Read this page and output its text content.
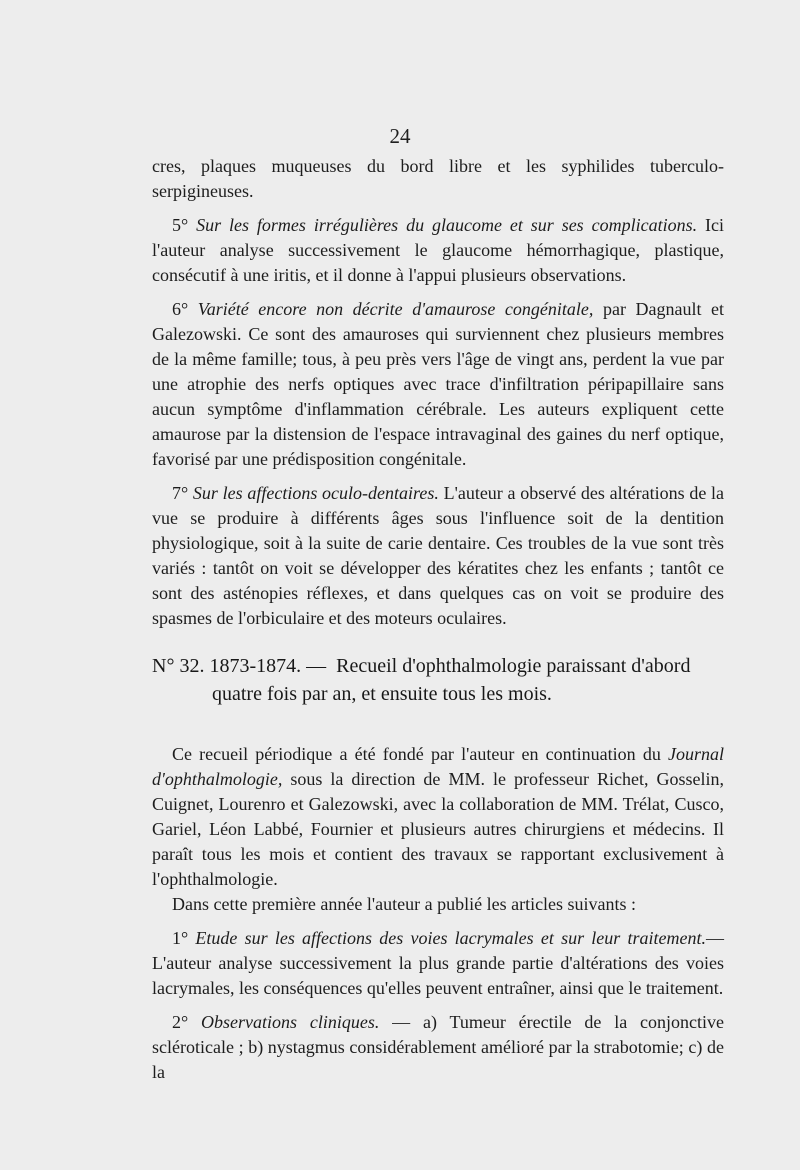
24

cres, plaques muqueuses du bord libre et les syphilides tuberculo-serpigineuses.

5° Sur les formes irrégulières du glaucome et sur ses complications. Ici l'auteur analyse successivement le glaucome hémorrhagique, plastique, consécutif à une iritis, et il donne à l'appui plusieurs observations.

6° Variété encore non décrite d'amaurose congénitale, par Dagnault et Galezowski. Ce sont des amauroses qui surviennent chez plusieurs membres de la même famille; tous, à peu près vers l'âge de vingt ans, perdent la vue par une atrophie des nerfs optiques avec trace d'infiltration péripapillaire sans aucun symptôme d'inflammation cérébrale. Les auteurs expliquent cette amaurose par la distension de l'espace intravaginal des gaines du nerf optique, favorisé par une prédisposition congénitale.

7° Sur les affections oculo-dentaires. L'auteur a observé des altérations de la vue se produire à différents âges sous l'influence soit de la dentition physiologique, soit à la suite de carie dentaire. Ces troubles de la vue sont très variés : tantôt on voit se développer des kératites chez les enfants ; tantôt ce sont des asténopies réflexes, et dans quelques cas on voit se produire des spasmes de l'orbiculaire et des moteurs oculaires.

N° 32. 1873-1874. — Recueil d'ophthalmologie paraissant d'abord
quatre fois par an, et ensuite tous les mois.

Ce recueil périodique a été fondé par l'auteur en continuation du Journal d'ophthalmologie, sous la direction de MM. le professeur Richet, Gosselin, Cuignet, Lourenro et Galezowski, avec la collaboration de MM. Trélat, Cusco, Gariel, Léon Labbé, Fournier et plusieurs autres chirurgiens et médecins. Il paraît tous les mois et contient des travaux se rapportant exclusivement à l'ophthalmologie.

Dans cette première année l'auteur a publié les articles suivants :

1° Etude sur les affections des voies lacrymales et sur leur traitement.— L'auteur analyse successivement la plus grande partie d'altérations des voies lacrymales, les conséquences qu'elles peuvent entraîner, ainsi que le traitement.

2° Observations cliniques. — a) Tumeur érectile de la conjonctive scléroticale ; b) nystagmus considérablement amélioré par la strabotomie; c) de la
